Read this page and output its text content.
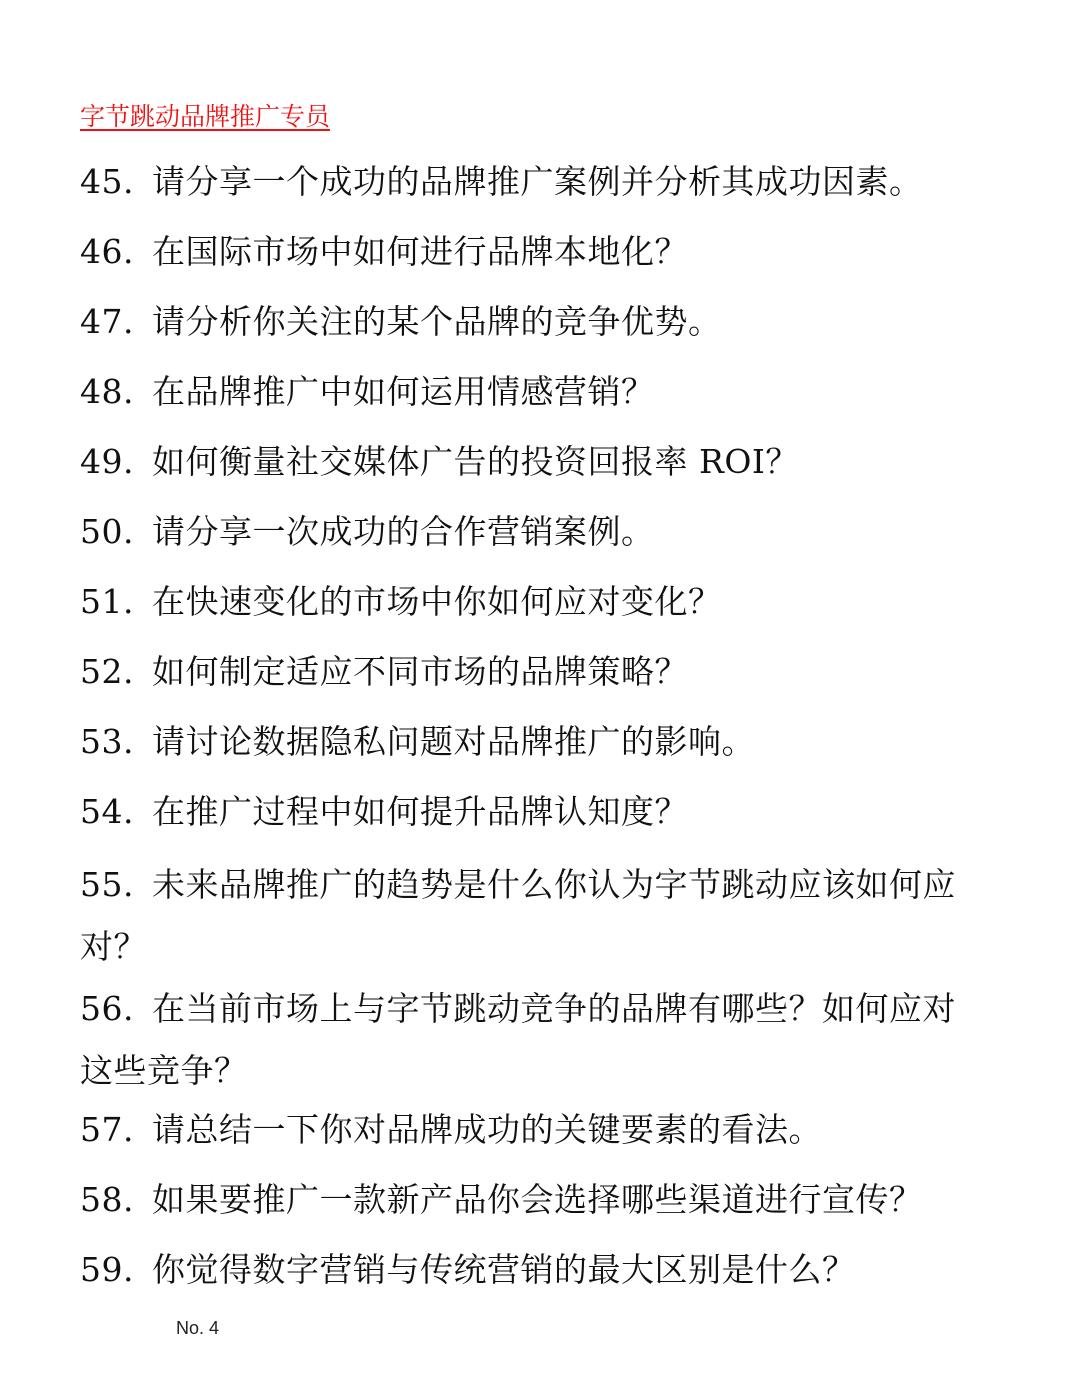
字节跳动品牌推广专员
45. 请分享一个成功的品牌推广案例并分析其成功因素。
46. 在国际市场中如何进行品牌本地化？
47. 请分析你关注的某个品牌的竞争优势。
48. 在品牌推广中如何运用情感营销？
49. 如何衡量社交媒体广告的投资回报率 ROI？
50. 请分享一次成功的合作营销案例。
51. 在快速变化的市场中你如何应对变化？
52. 如何制定适应不同市场的品牌策略？
53. 请讨论数据隐私问题对品牌推广的影响。
54. 在推广过程中如何提升品牌认知度？
55. 未来品牌推广的趋势是什么你认为字节跳动应该如何应对？
56. 在当前市场上与字节跳动竞争的品牌有哪些？如何应对这些竞争？
57. 请总结一下你对品牌成功的关键要素的看法。
58. 如果要推广一款新产品你会选择哪些渠道进行宣传？
59. 你觉得数字营销与传统营销的最大区别是什么？
No. 4
